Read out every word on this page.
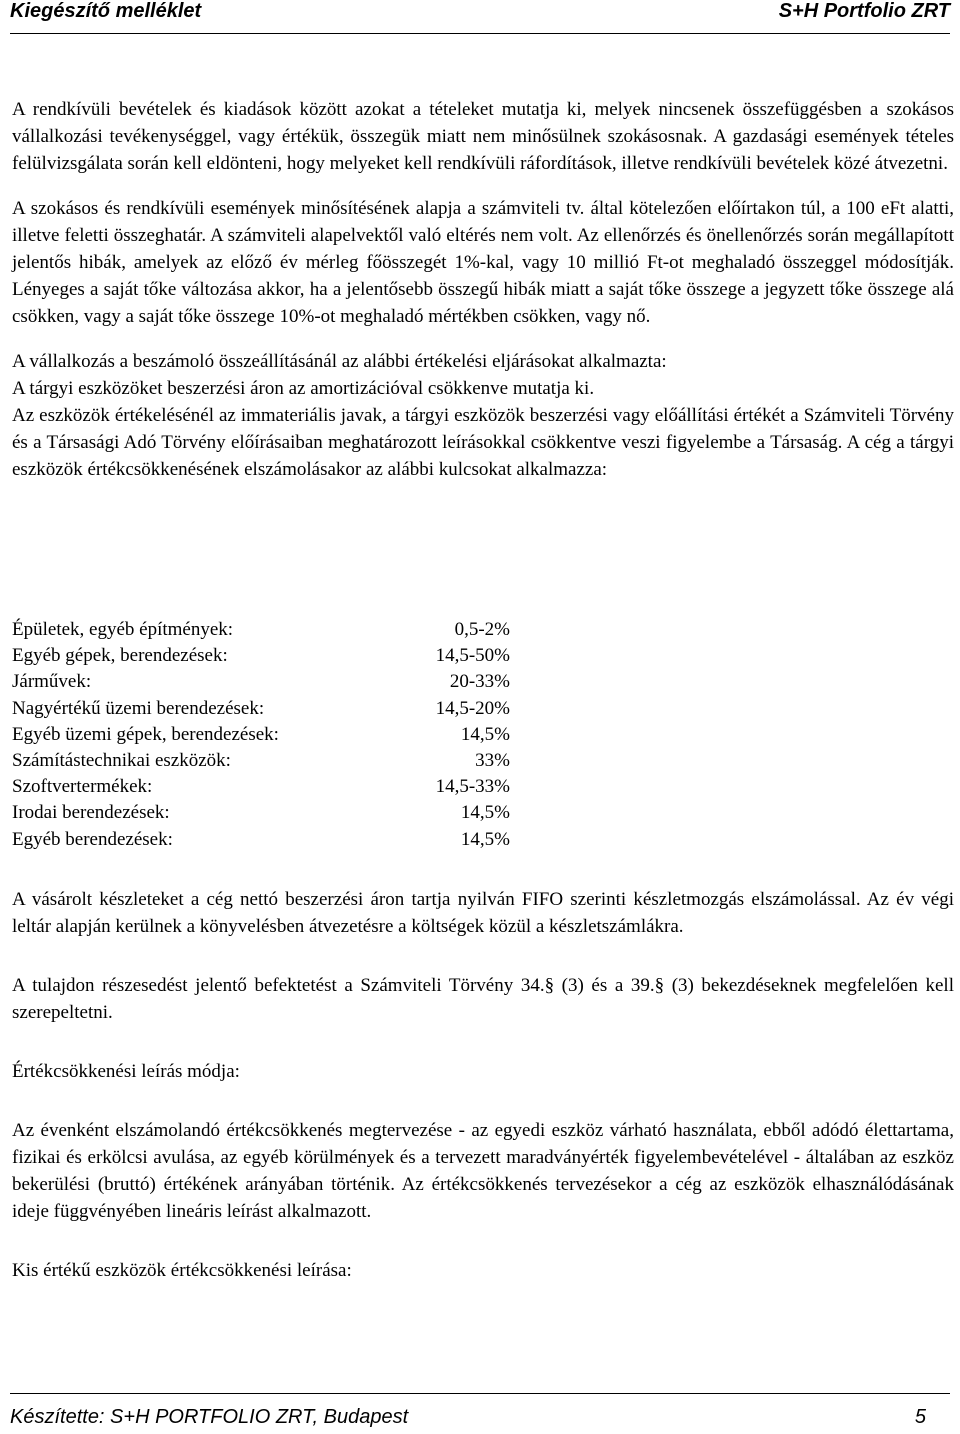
Kiegészítő melléklet	S+H Portfolio ZRT

A rendkívüli bevételek és kiadások között azokat a tételeket mutatja ki, melyek nincsenek összefüggésben a szokásos vállalkozási tevékenységgel, vagy értékük, összegük miatt nem minősülnek szokásosnak. A gazdasági események tételes felülvizsgálata során kell eldönteni, hogy melyeket kell rendkívüli ráfordítások, illetve rendkívüli bevételek közé átvezetni.

A szokásos és rendkívüli események minősítésének alapja a számviteli tv. által kötelezően előírtakon túl, a 100 eFt alatti, illetve feletti összeghatár. A számviteli alapelvektől való eltérés nem volt. Az ellenőrzés és önellenőrzés során megállapított jelentős hibák, amelyek az előző év mérleg főösszegét 1%-kal, vagy 10 millió Ft-ot meghaladó összeggel módosítják. Lényeges a saját tőke változása akkor, ha a jelentősebb összegű hibák miatt a saját tőke összege a jegyzett tőke összege alá csökken, vagy a saját tőke összege 10%-ot meghaladó mértékben csökken, vagy nő.

A vállalkozás a beszámoló összeállításánál az alábbi értékelési eljárásokat alkalmazta:

A tárgyi eszközöket beszerzési áron az amortizációval csökkenve mutatja ki.

Az eszközök értékelésénél az immateriális javak, a tárgyi eszközök beszerzési vagy előállítási értékét a Számviteli Törvény és a Társasági Adó Törvény előírásaiban meghatározott leírásokkal csökkentve veszi figyelembe a Társaság. A cég a tárgyi eszközök értékcsökkenésének elszámolásakor az alábbi kulcsokat alkalmazza:

Épületek, egyéb építmények:	0,5-2%
Egyéb gépek, berendezések:	14,5-50%
Járművek:	20-33%
Nagyértékű üzemi berendezések:	14,5-20%
Egyéb üzemi gépek, berendezések:	14,5%
Számítástechnikai eszközök:	33%
Szoftvertermékek:	14,5-33%
Irodai berendezések:	14,5%
Egyéb berendezések:	14,5%

A vásárolt készleteket a cég nettó beszerzési áron tartja nyilván FIFO szerinti készletmozgás elszámolással. Az év végi leltár alapján kerülnek a könyvelésben átvezetésre a költségek közül a készletszámlákra.

A tulajdon részesedést jelentő befektetést a Számviteli Törvény 34.§ (3) és a 39.§ (3) bekezdéseknek megfelelően kell szerepeltetni.

Értékcsökkenési leírás módja:

Az évenként elszámolandó értékcsökkenés megtervezése - az egyedi eszköz várható használata, ebből adódó élettartama, fizikai és erkölcsi avulása, az egyéb körülmények és a tervezett maradványérték figyelembevételével - általában az eszköz bekerülési (bruttó) értékének arányában történik. Az értékcsökkenés tervezésekor a cég az eszközök elhasználódásának ideje függvényében lineáris leírást alkalmazott.

Kis értékű eszközök értékcsökkenési leírása:

Készítette: S+H PORTFOLIO ZRT, Budapest	5
